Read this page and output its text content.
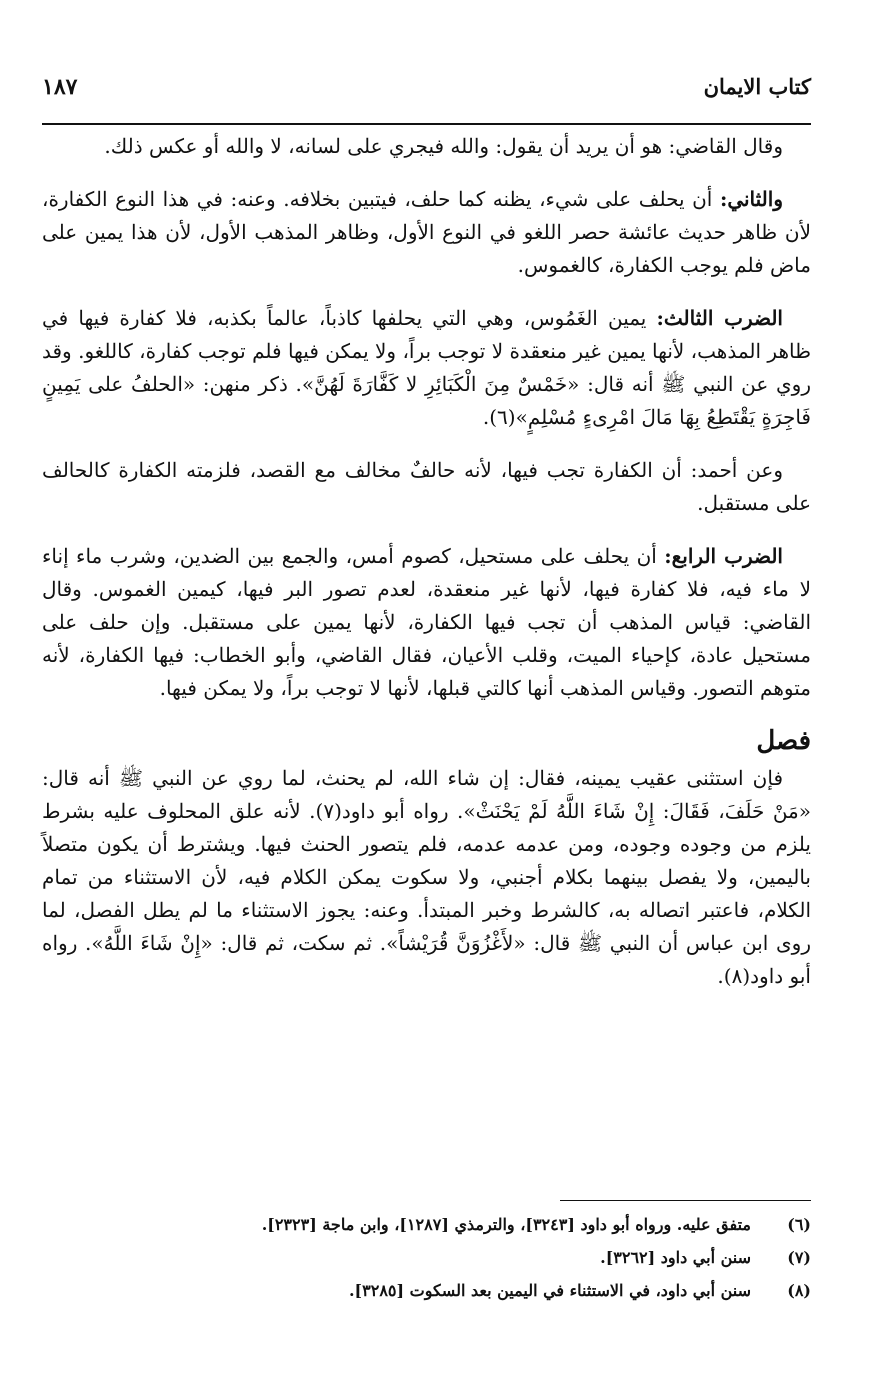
كتاب الايمان
١٨٧

وقال القاضي: هو أن يريد أن يقول: والله فيجري على لسانه، لا والله أو عكس ذلك.

والثاني: أن يحلف على شيء، يظنه كما حلف، فيتبين بخلافه. وعنه: في هذا النوع الكفارة، لأن ظاهر حديث عائشة حصر اللغو في النوع الأول، وظاهر المذهب الأول، لأن هذا يمين على ماض فلم يوجب الكفارة، كالغموس.

الضرب الثالث: يمين الغَمُوس، وهي التي يحلفها كاذباً، عالماً بكذبه، فلا كفارة فيها في ظاهر المذهب، لأنها يمين غير منعقدة لا توجب براً، ولا يمكن فيها فلم توجب كفارة، كاللغو. وقد روي عن النبي ﷺ أنه قال: «خَمْسٌ مِنَ الْكَبَائِرِ لا كَفَّارَةَ لَهُنَّ». ذكر منهن: «الحلفُ على يَمِينٍ فَاجِرَةٍ يَقْتَطِعُ بِهَا مَالَ امْرِىءٍ مُسْلِمٍ»(٦).

وعن أحمد: أن الكفارة تجب فيها، لأنه حالفٌ مخالف مع القصد، فلزمته الكفارة كالحالف على مستقبل.

الضرب الرابع: أن يحلف على مستحيل، كصوم أمس، والجمع بين الضدين، وشرب ماء إناء لا ماء فيه، فلا كفارة فيها، لأنها غير منعقدة، لعدم تصور البر فيها، كيمين الغموس. وقال القاضي: قياس المذهب أن تجب فيها الكفارة، لأنها يمين على مستقبل. وإن حلف على مستحيل عادة، كإحياء الميت، وقلب الأعيان، فقال القاضي، وأبو الخطاب: فيها الكفارة، لأنه متوهم التصور. وقياس المذهب أنها كالتي قبلها، لأنها لا توجب براً، ولا يمكن فيها.

فصل

فإن استثنى عقيب يمينه، فقال: إن شاء الله، لم يحنث، لما روي عن النبي ﷺ أنه قال: «مَنْ حَلَفَ، فَقَالَ: إِنْ شَاءَ اللَّهُ لَمْ يَحْنَثْ». رواه أبو داود(٧). لأنه علق المحلوف عليه بشرط يلزم من وجوده وجوده، ومن عدمه عدمه، فلم يتصور الحنث فيها. ويشترط أن يكون متصلاً باليمين، ولا يفصل بينهما بكلام أجنبي، ولا سكوت يمكن الكلام فيه، لأن الاستثناء من تمام الكلام، فاعتبر اتصاله به، كالشرط وخبر المبتدأ. وعنه: يجوز الاستثناء ما لم يطل الفصل، لما روى ابن عباس أن النبي ﷺ قال: «لأَغْزُوَنَّ قُرَيْشاً». ثم سكت، ثم قال: «إِنْ شَاءَ اللَّهُ». رواه أبو داود(٨).

(٦)
متفق عليه. ورواه أبو داود [٣٢٤٣]، والترمذي [١٢٨٧]، وابن ماجة [٢٣٢٣].
(٧)
سنن أبي داود [٣٢٦٢].
(٨)
سنن أبي داود، في الاستثناء في اليمين بعد السكوت [٣٢٨٥].
